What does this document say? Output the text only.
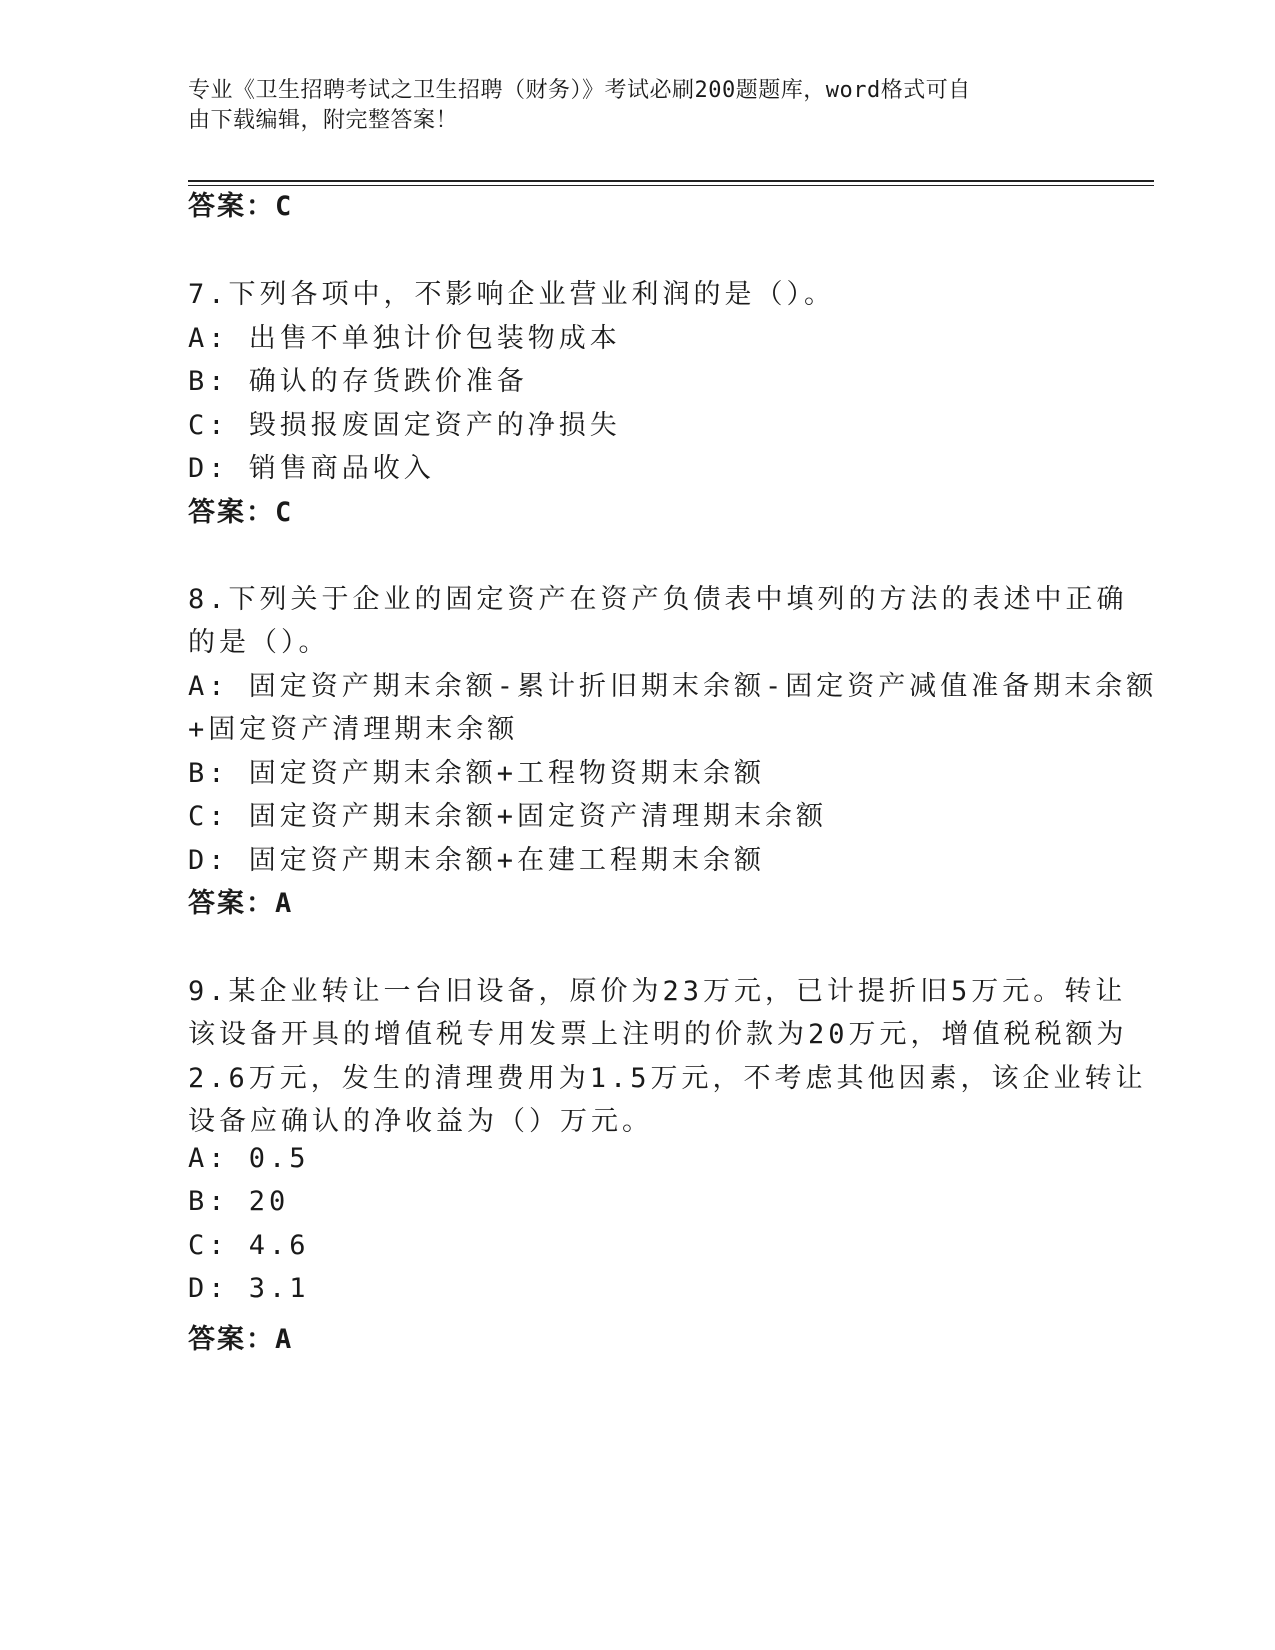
专业《卫生招聘考试之卫生招聘（财务）》考试必刷200题题库，word格式可自
由下载编辑，附完整答案！
答案：C
7.下列各项中，不影响企业营业利润的是（）。
A: 出售不单独计价包装物成本
B: 确认的存货跌价准备
C: 毁损报废固定资产的净损失
D: 销售商品收入
答案：C
8.下列关于企业的固定资产在资产负债表中填列的方法的表述中正确
的是（）。
A: 固定资产期末余额-累计折旧期末余额-固定资产减值准备期末余额
+固定资产清理期末余额
B: 固定资产期末余额+工程物资期末余额
C: 固定资产期末余额+固定资产清理期末余额
D: 固定资产期末余额+在建工程期末余额
答案：A
9.某企业转让一台旧设备，原价为23万元，已计提折旧5万元。转让
该设备开具的增值税专用发票上注明的价款为20万元，增值税税额为
2.6万元，发生的清理费用为1.5万元，不考虑其他因素，该企业转让
设备应确认的净收益为（）万元。
A: 0.5
B: 20
C: 4.6
D: 3.1
答案：A
